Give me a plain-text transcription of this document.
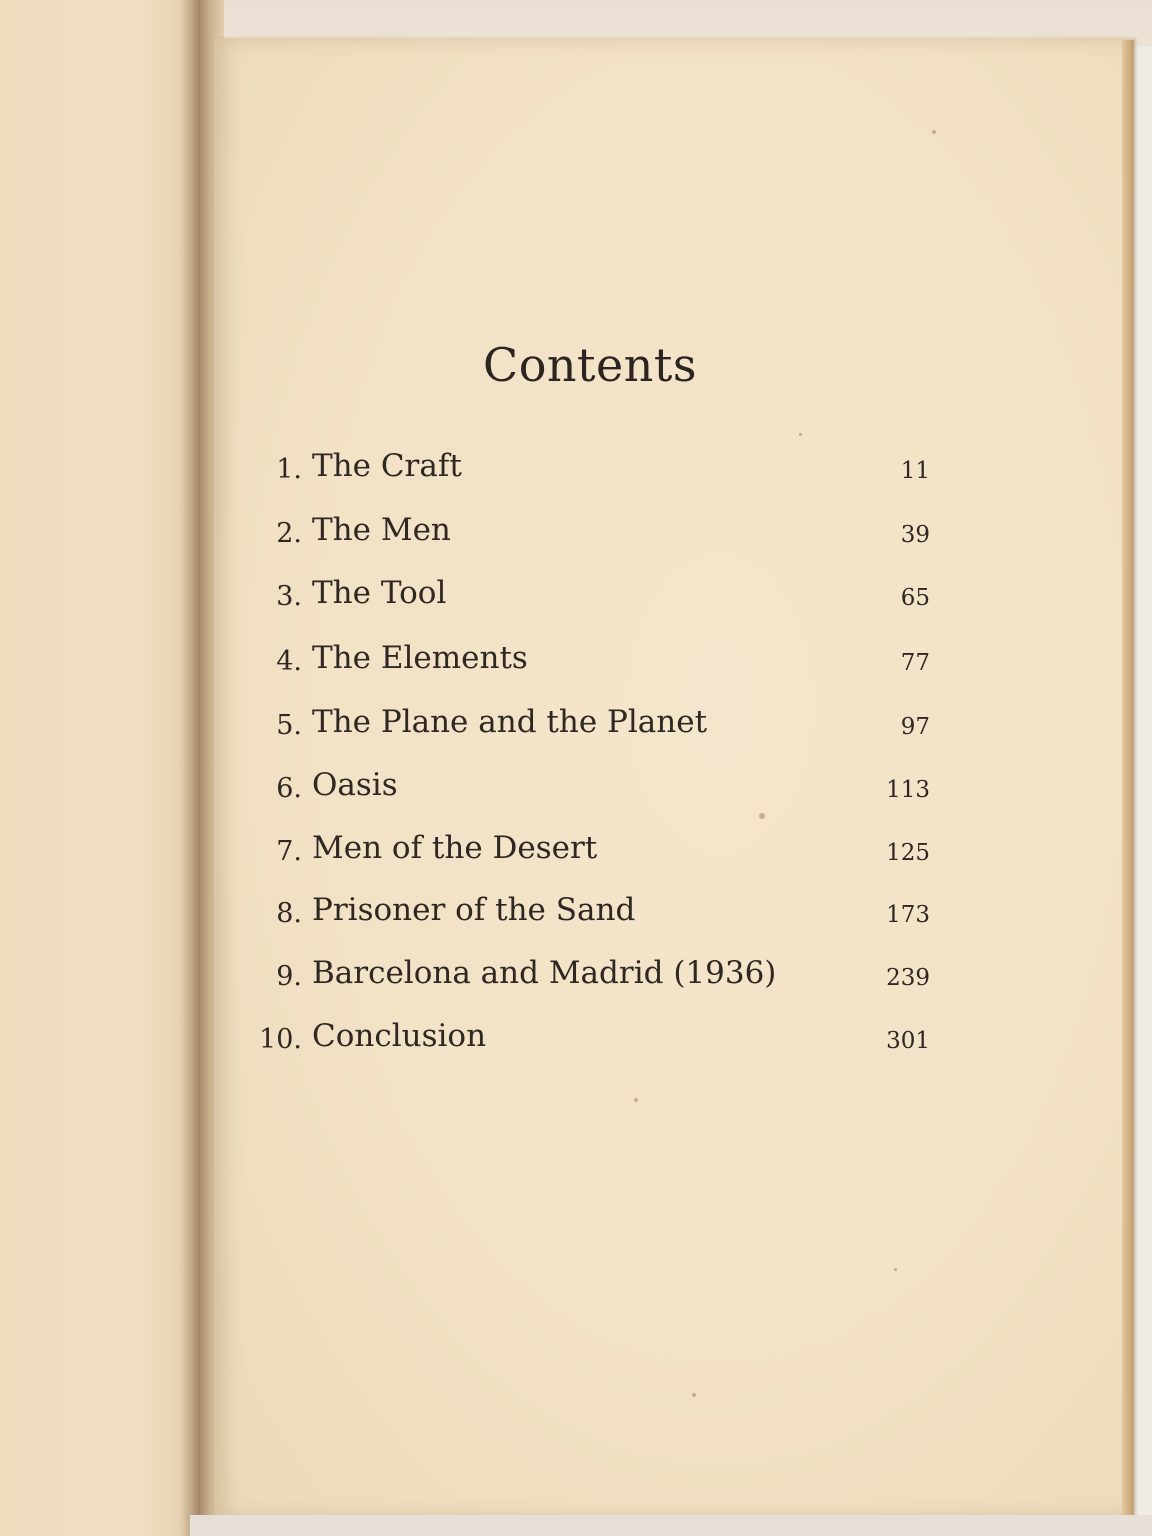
Contents
1. The Craft	11
2. The Men	39
3. The Tool	65
4. The Elements	77
5. The Plane and the Planet	97
6. Oasis	113
7. Men of the Desert	125
8. Prisoner of the Sand	173
9. Barcelona and Madrid (1936)	239
10. Conclusion	301
